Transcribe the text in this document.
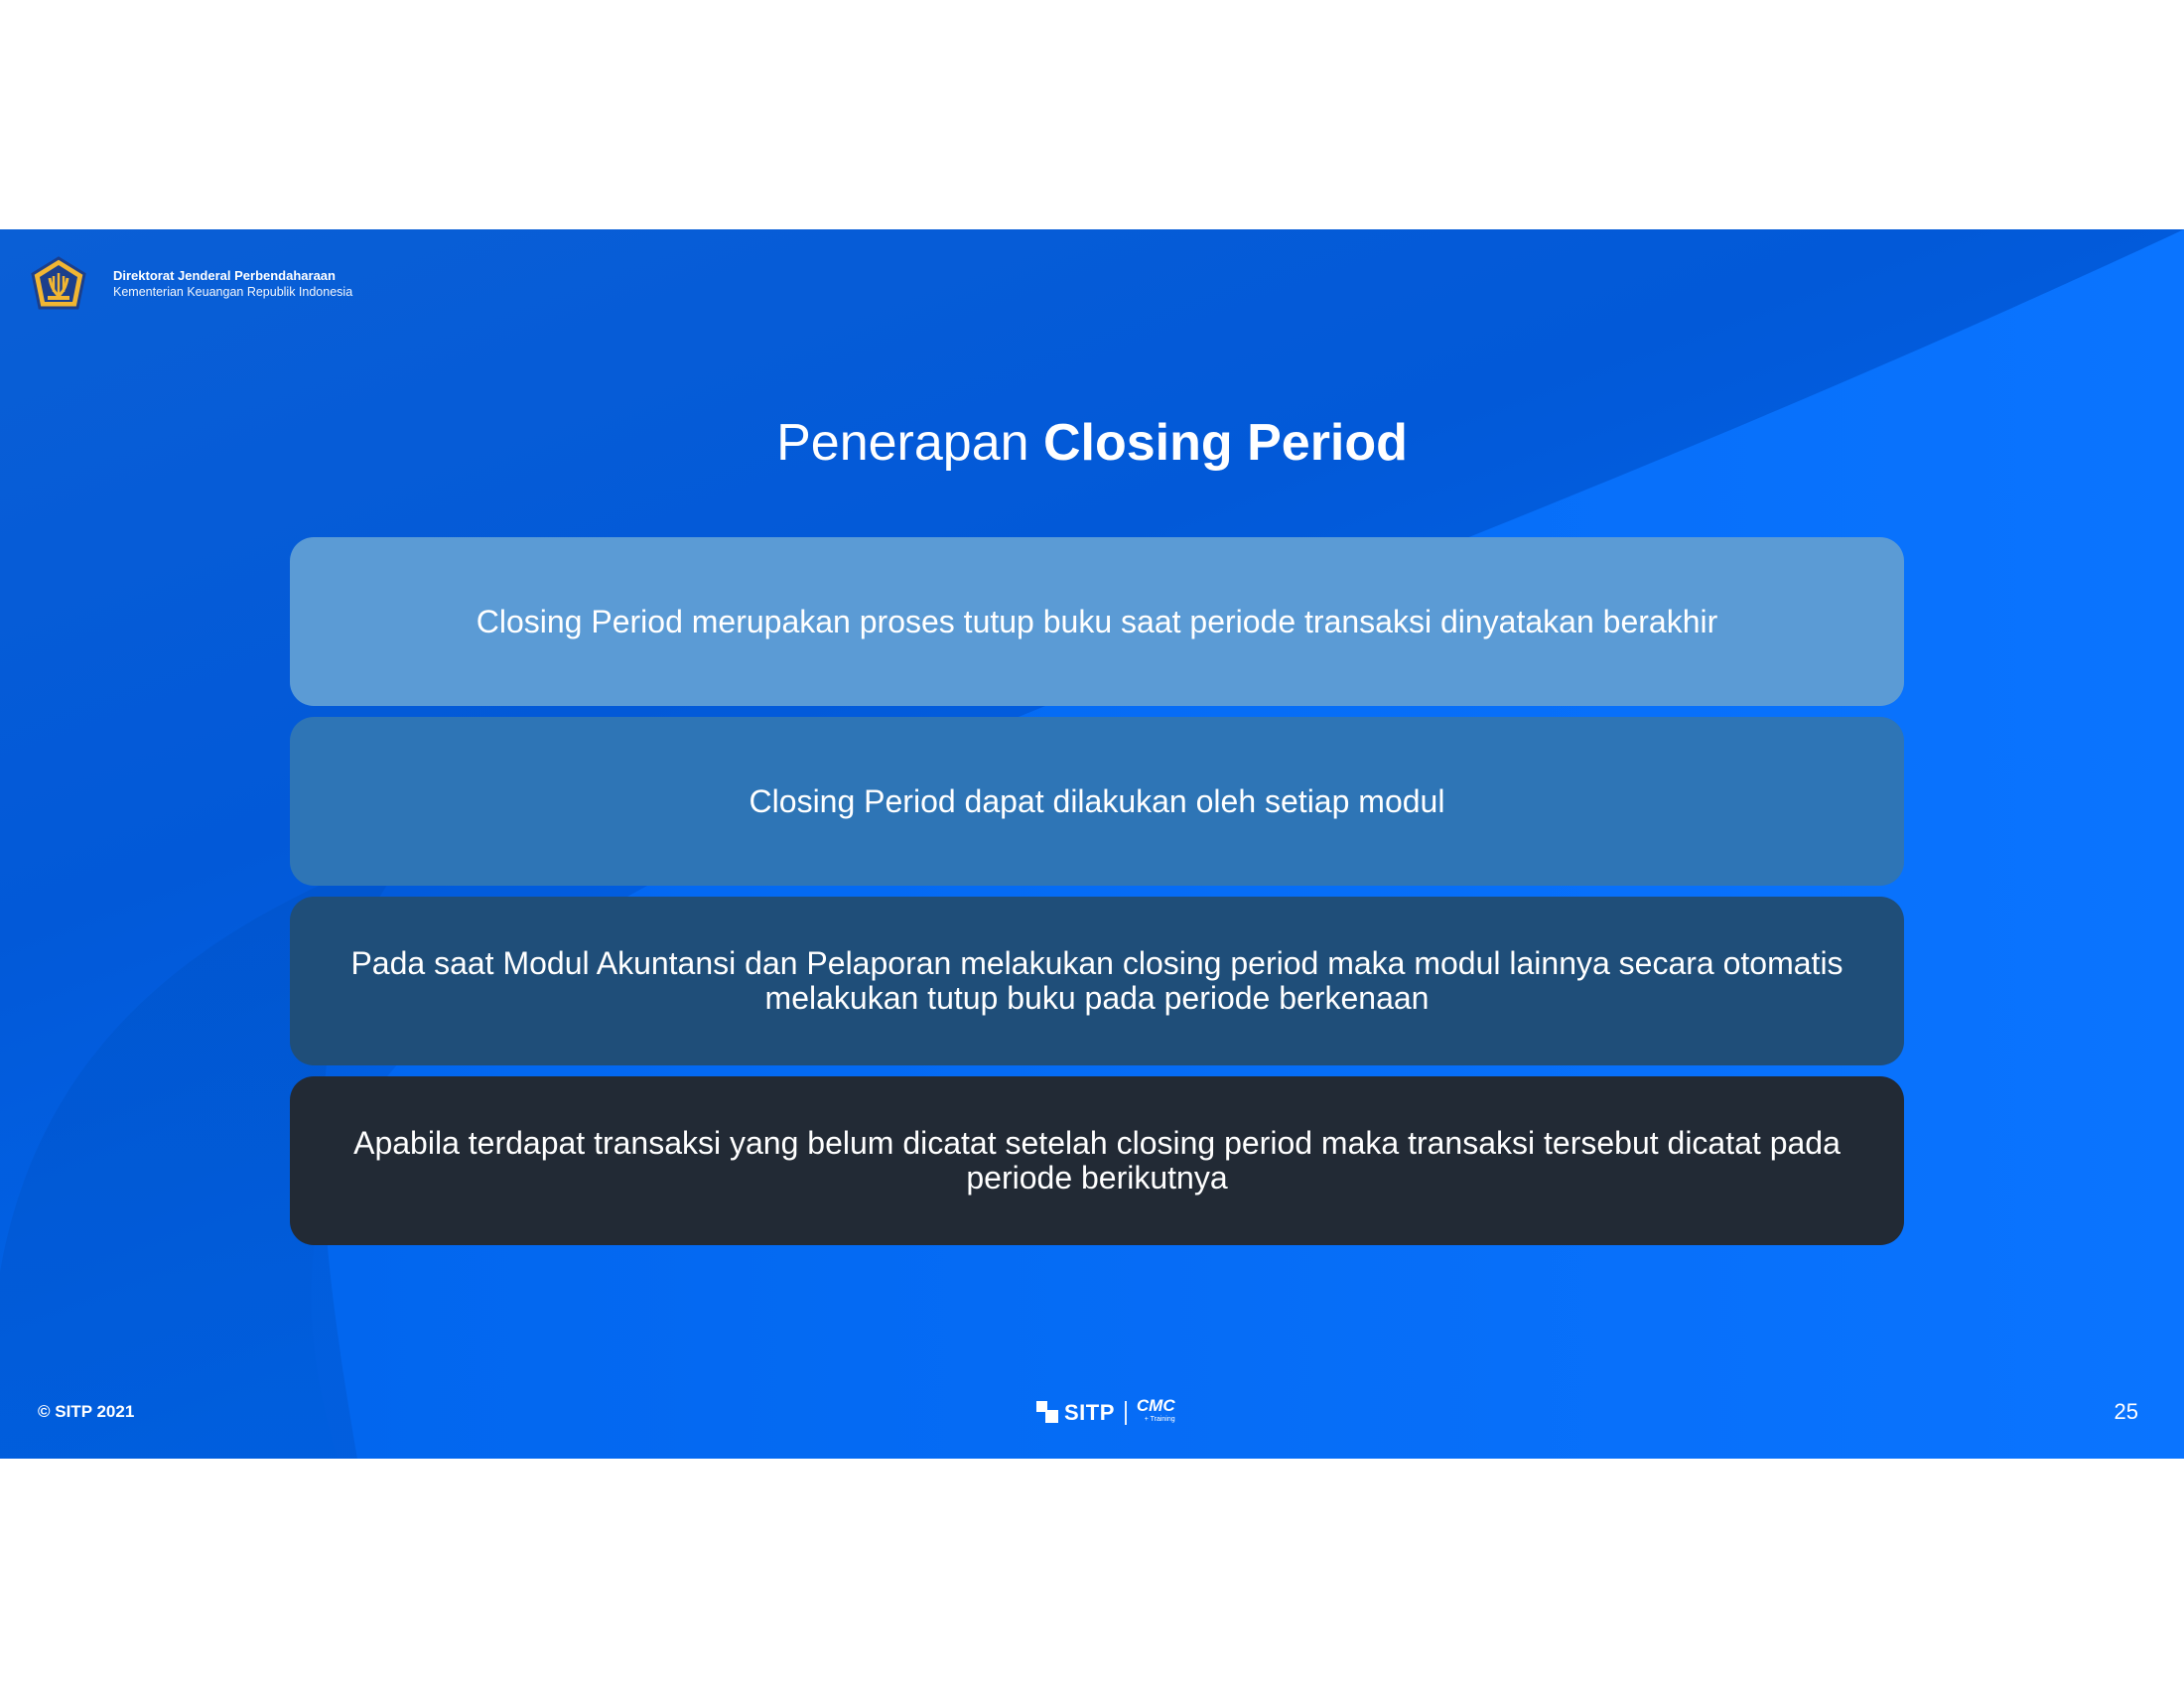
Direktorat Jenderal Perbendaharaan
Kementerian Keuangan Republik Indonesia
Penerapan Closing Period
Closing Period merupakan proses tutup buku saat periode transaksi dinyatakan berakhir
Closing Period dapat dilakukan oleh setiap modul
Pada saat Modul Akuntansi dan Pelaporan melakukan closing period maka modul lainnya secara otomatis melakukan tutup buku pada periode berkenaan
Apabila terdapat transaksi yang belum dicatat setelah closing period maka transaksi tersebut dicatat pada periode berikutnya
© SITP 2021	SITP CMC
+ Training	25
